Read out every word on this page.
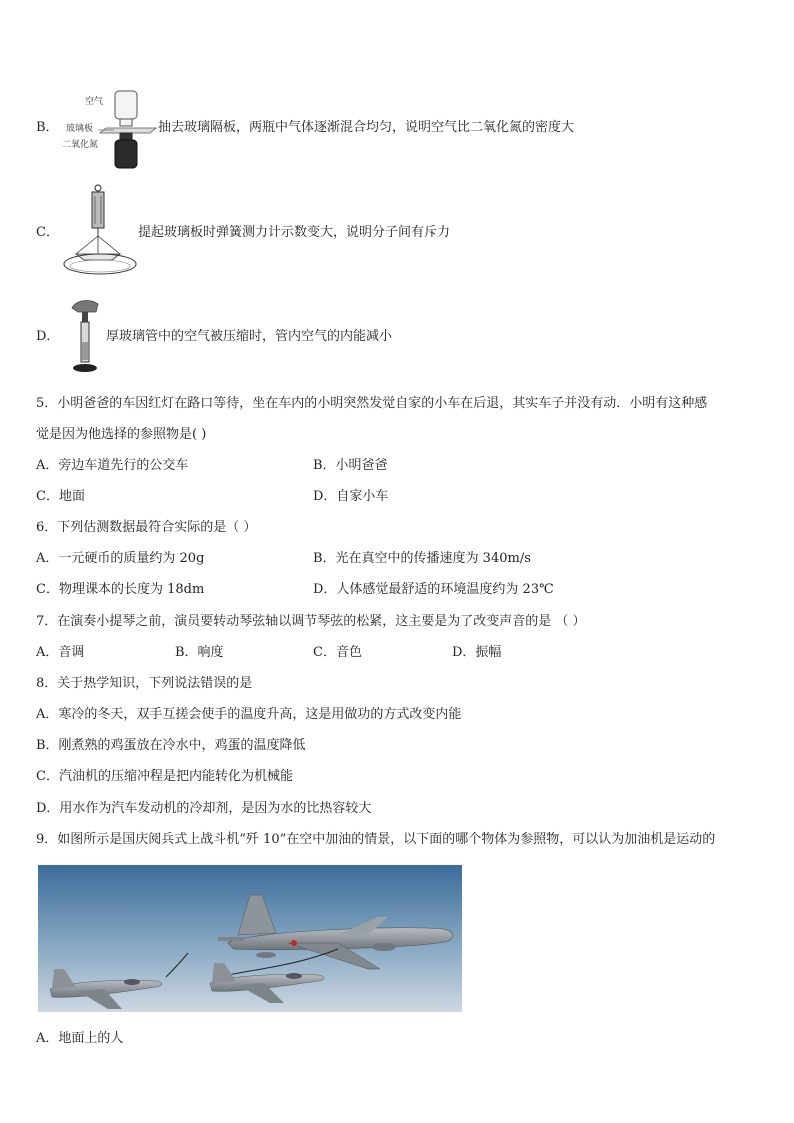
B．
空气
玻璃板
二氧化氮
抽去玻璃隔板，两瓶中气体逐渐混合均匀，说明空气比二氧化氮的密度大
C．	提起玻璃板时弹簧测力计示数变大，说明分子间有斥力
D．	厚玻璃管中的空气被压缩时，管内空气的内能减小
5．小明爸爸的车因红灯在路口等待，坐在车内的小明突然发觉自家的小车在后退，其实车子并没有动．小明有这种感
觉是因为他选择的参照物是( )
A．旁边车道先行的公交车	B．小明爸爸
C．地面	D．自家小车
6．下列估测数据最符合实际的是（ ）
A．一元硬币的质量约为 20g	B．光在真空中的传播速度为 340m/s
C．物理课本的长度为 18dm	D．人体感觉最舒适的环境温度约为 23℃
7．在演奏小提琴之前，演员要转动琴弦轴以调节琴弦的松紧，这主要是为了改变声音的是 （ ）
A．音调	B．响度	C．音色	D．振幅
8．关于热学知识，下列说法错误的是
A．寒冷的冬天，双手互搓会使手的温度升高，这是用做功的方式改变内能
B．刚煮熟的鸡蛋放在冷水中，鸡蛋的温度降低
C．汽油机的压缩冲程是把内能转化为机械能
D．用水作为汽车发动机的冷却剂，是因为水的比热容较大
9．如图所示是国庆阅兵式上战斗机“歼 10”在空中加油的情景，以下面的哪个物体为参照物，可以认为加油机是运动的
A．地面上的人
